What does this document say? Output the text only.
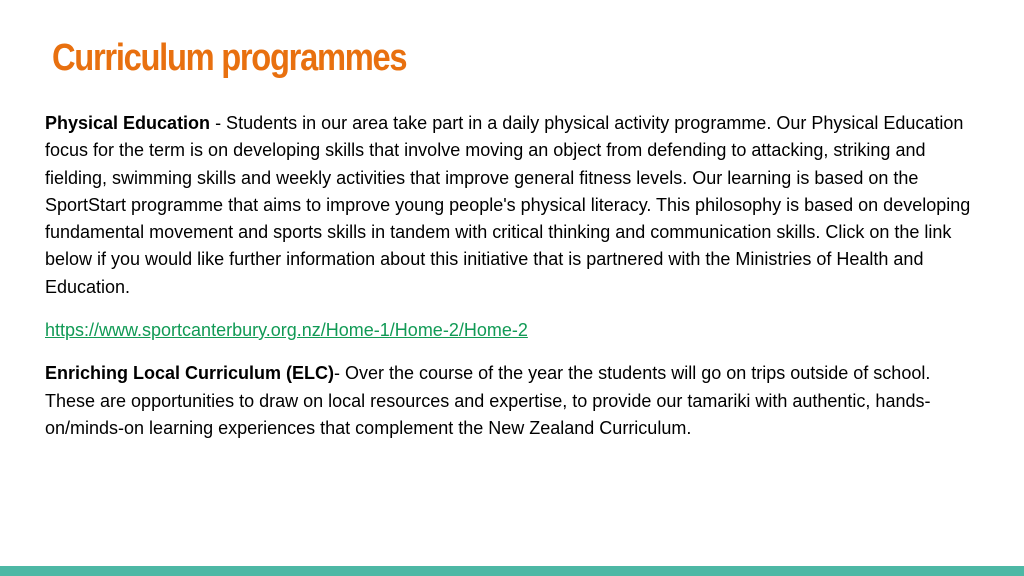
Curriculum programmes

Physical Education - Students in our area take part in a daily physical activity programme. Our Physical Education focus for the term is on developing skills that involve moving an object from defending to attacking, striking and fielding, swimming skills and weekly activities that improve general fitness levels. Our learning is based on the SportStart programme that aims to improve young people's physical literacy. This philosophy is based on developing fundamental movement and sports skills in tandem with critical thinking and communication skills. Click on the link below if you would like further information about this initiative that is partnered with the Ministries of Health and Education.

https://www.sportcanterbury.org.nz/Home-1/Home-2/Home-2

Enriching Local Curriculum (ELC)- Over the course of the year the students will go on trips outside of school. These are opportunities to draw on local resources and expertise, to provide our tamariki with authentic, hands-on/minds-on learning experiences that complement the New Zealand Curriculum.
